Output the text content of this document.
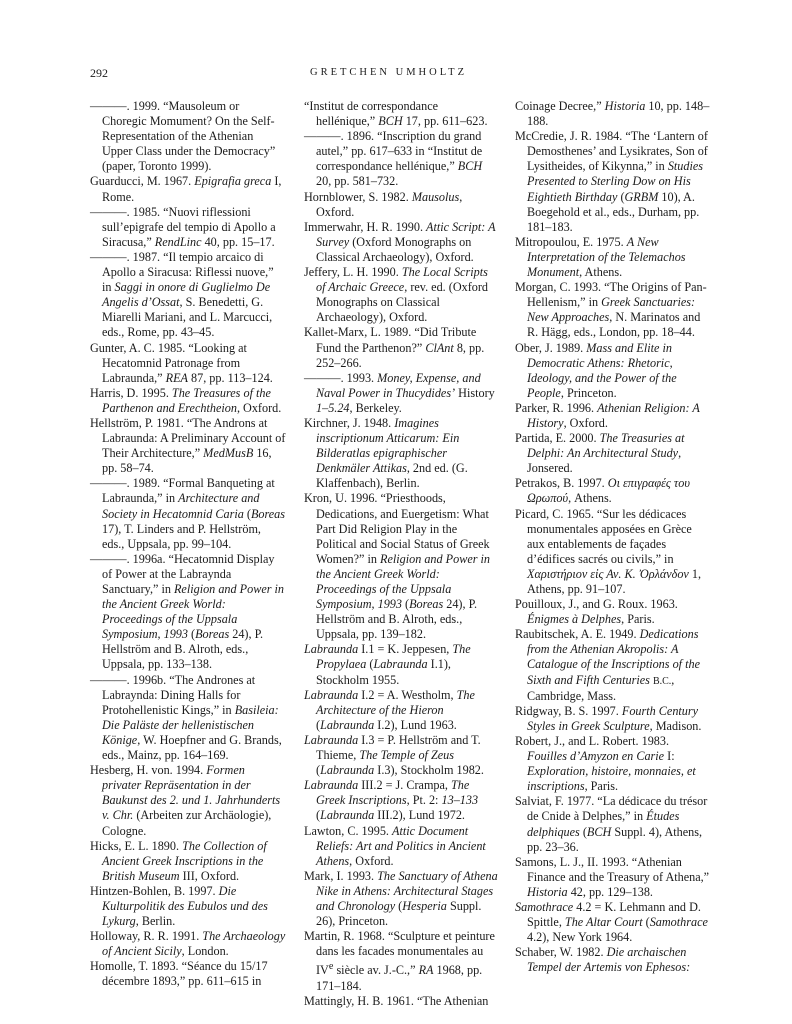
292	GRETCHEN UMHOLTZ
———. 1999. “Mausoleum or Choregic Momument? On the Self-Representation of the Athenian Upper Class under the Democracy” (paper, Toronto 1999).
Guarducci, M. 1967. Epigrafia greca I, Rome.
———. 1985. “Nuovi riflessioni sull’epigrafe del tempio di Apollo a Siracusa,” RendLinc 40, pp. 15–17.
———. 1987. “Il tempio arcaico di Apollo a Siracusa: Riflessi nuove,” in Saggi in onore di Guglielmo De Angelis d’Ossat, S. Benedetti, G. Miarelli Mariani, and L. Marcucci, eds., Rome, pp. 43–45.
Gunter, A. C. 1985. “Looking at Hecatomnid Patronage from Labraunda,” REA 87, pp. 113–124.
Harris, D. 1995. The Treasures of the Parthenon and Erechtheion, Oxford.
Hellström, P. 1981. “The Androns at Labraunda: A Preliminary Account of Their Architecture,” MedMusB 16, pp. 58–74.
———. 1989. “Formal Banqueting at Labraunda,” in Architecture and Society in Hecatomnid Caria (Boreas 17), T. Linders and P. Hellström, eds., Uppsala, pp. 99–104.
———. 1996a. “Hecatomnid Display of Power at the Labraynda Sanctuary,” in Religion and Power in the Ancient Greek World: Proceedings of the Uppsala Symposium, 1993 (Boreas 24), P. Hellström and B. Alroth, eds., Uppsala, pp. 133–138.
———. 1996b. “The Andrones at Labraynda: Dining Halls for Protohellenistic Kings,” in Basileia: Die Paläste der hellenistischen Könige, W. Hoepfner and G. Brands, eds., Mainz, pp. 164–169.
Hesberg, H. von. 1994. Formen privater Repräsentation in der Baukunst des 2. und 1. Jahrhunderts v. Chr. (Arbeiten zur Archäologie), Cologne.
Hicks, E. L. 1890. The Collection of Ancient Greek Inscriptions in the British Museum III, Oxford.
Hintzen-Bohlen, B. 1997. Die Kulturpolitik des Eubulos und des Lykurg, Berlin.
Holloway, R. R. 1991. The Archaeology of Ancient Sicily, London.
Homolle, T. 1893. “Séance du 15/17 décembre 1893,” pp. 611–615 in
“Institut de correspondance hellénique,” BCH 17, pp. 611–623.
———. 1896. “Inscription du grand autel,” pp. 617–633 in “Institut de correspondance hellénique,” BCH 20, pp. 581–732.
Hornblower, S. 1982. Mausolus, Oxford.
Immerwahr, H. R. 1990. Attic Script: A Survey (Oxford Monographs on Classical Archaeology), Oxford.
Jeffery, L. H. 1990. The Local Scripts of Archaic Greece, rev. ed. (Oxford Monographs on Classical Archaeology), Oxford.
Kallet-Marx, L. 1989. “Did Tribute Fund the Parthenon?” ClAnt 8, pp. 252–266.
———. 1993. Money, Expense, and Naval Power in Thucydides’ History 1–5.24, Berkeley.
Kirchner, J. 1948. Imagines inscriptionum Atticarum: Ein Bilderatlas epigraphischer Denkmäler Attikas, 2nd ed. (G. Klaffenbach), Berlin.
Kron, U. 1996. “Priesthoods, Dedications, and Euergetism: What Part Did Religion Play in the Political and Social Status of Greek Women?” in Religion and Power in the Ancient Greek World: Proceedings of the Uppsala Symposium, 1993 (Boreas 24), P. Hellström and B. Alroth, eds., Uppsala, pp. 139–182.
Labraunda I.1 = K. Jeppesen, The Propylaea (Labraunda I.1), Stockholm 1955.
Labraunda I.2 = A. Westholm, The Architecture of the Hieron (Labraunda I.2), Lund 1963.
Labraunda I.3 = P. Hellström and T. Thieme, The Temple of Zeus (Labraunda I.3), Stockholm 1982.
Labraunda III.2 = J. Crampa, The Greek Inscriptions, Pt. 2: 13–133 (Labraunda III.2), Lund 1972.
Lawton, C. 1995. Attic Document Reliefs: Art and Politics in Ancient Athens, Oxford.
Mark, I. 1993. The Sanctuary of Athena Nike in Athens: Architectural Stages and Chronology (Hesperia Suppl. 26), Princeton.
Martin, R. 1968. “Sculpture et peinture dans les facades monumentales au IVe siècle av. J.-C.,” RA 1968, pp. 171–184.
Mattingly, H. B. 1961. “The Athenian
Coinage Decree,” Historia 10, pp. 148–188.
McCredie, J. R. 1984. “The ‘Lantern of Demosthenes’ and Lysikrates, Son of Lysitheides, of Kikynna,” in Studies Presented to Sterling Dow on His Eightieth Birthday (GRBM 10), A. Boegehold et al., eds., Durham, pp. 181–183.
Mitropoulou, E. 1975. A New Interpretation of the Telemachos Monument, Athens.
Morgan, C. 1993. “The Origins of Pan-Hellenism,” in Greek Sanctuaries: New Approaches, N. Marinatos and R. Hägg, eds., London, pp. 18–44.
Ober, J. 1989. Mass and Elite in Democratic Athens: Rhetoric, Ideology, and the Power of the People, Princeton.
Parker, R. 1996. Athenian Religion: A History, Oxford.
Partida, E. 2000. The Treasuries at Delphi: An Architectural Study, Jonsered.
Petrakos, B. 1997. Οι επιγραφές του Ωρωπού, Athens.
Picard, C. 1965. “Sur les dédicaces monumentales apposées en Grèce aux entablements de façades d’édifices sacrés ou civils,” in Χαριστήριον εἰς Αν. Κ. Ὀρλάνδον 1, Athens, pp. 91–107.
Pouilloux, J., and G. Roux. 1963. Énigmes à Delphes, Paris.
Raubitschek, A. E. 1949. Dedications from the Athenian Akropolis: A Catalogue of the Inscriptions of the Sixth and Fifth Centuries B.C., Cambridge, Mass.
Ridgway, B. S. 1997. Fourth Century Styles in Greek Sculpture, Madison.
Robert, J., and L. Robert. 1983. Fouilles d’Amyzon en Carie I: Exploration, histoire, monnaies, et inscriptions, Paris.
Salviat, F. 1977. “La dédicace du trésor de Cnide à Delphes,” in Études delphiques (BCH Suppl. 4), Athens, pp. 23–36.
Samons, L. J., II. 1993. “Athenian Finance and the Treasury of Athena,” Historia 42, pp. 129–138.
Samothrace 4.2 = K. Lehmann and D. Spittle, The Altar Court (Samothrace 4.2), New York 1964.
Schaber, W. 1982. Die archaischen Tempel der Artemis von Ephesos:
